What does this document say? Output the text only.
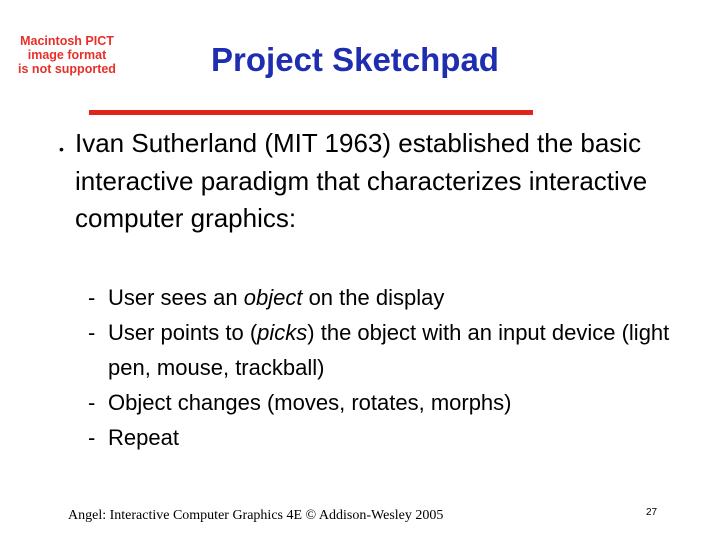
Macintosh PICT
image format
is not supported	Project Sketchpad
• Ivan Sutherland (MIT 1963) established the basic interactive paradigm that characterizes interactive computer graphics:

- User sees an object on the display
- User points to (picks) the object with an input device (light pen, mouse, trackball)
- Object changes (moves, rotates, morphs)
- Repeat
Angel: Interactive Computer Graphics 4E © Addison-Wesley 2005	27
